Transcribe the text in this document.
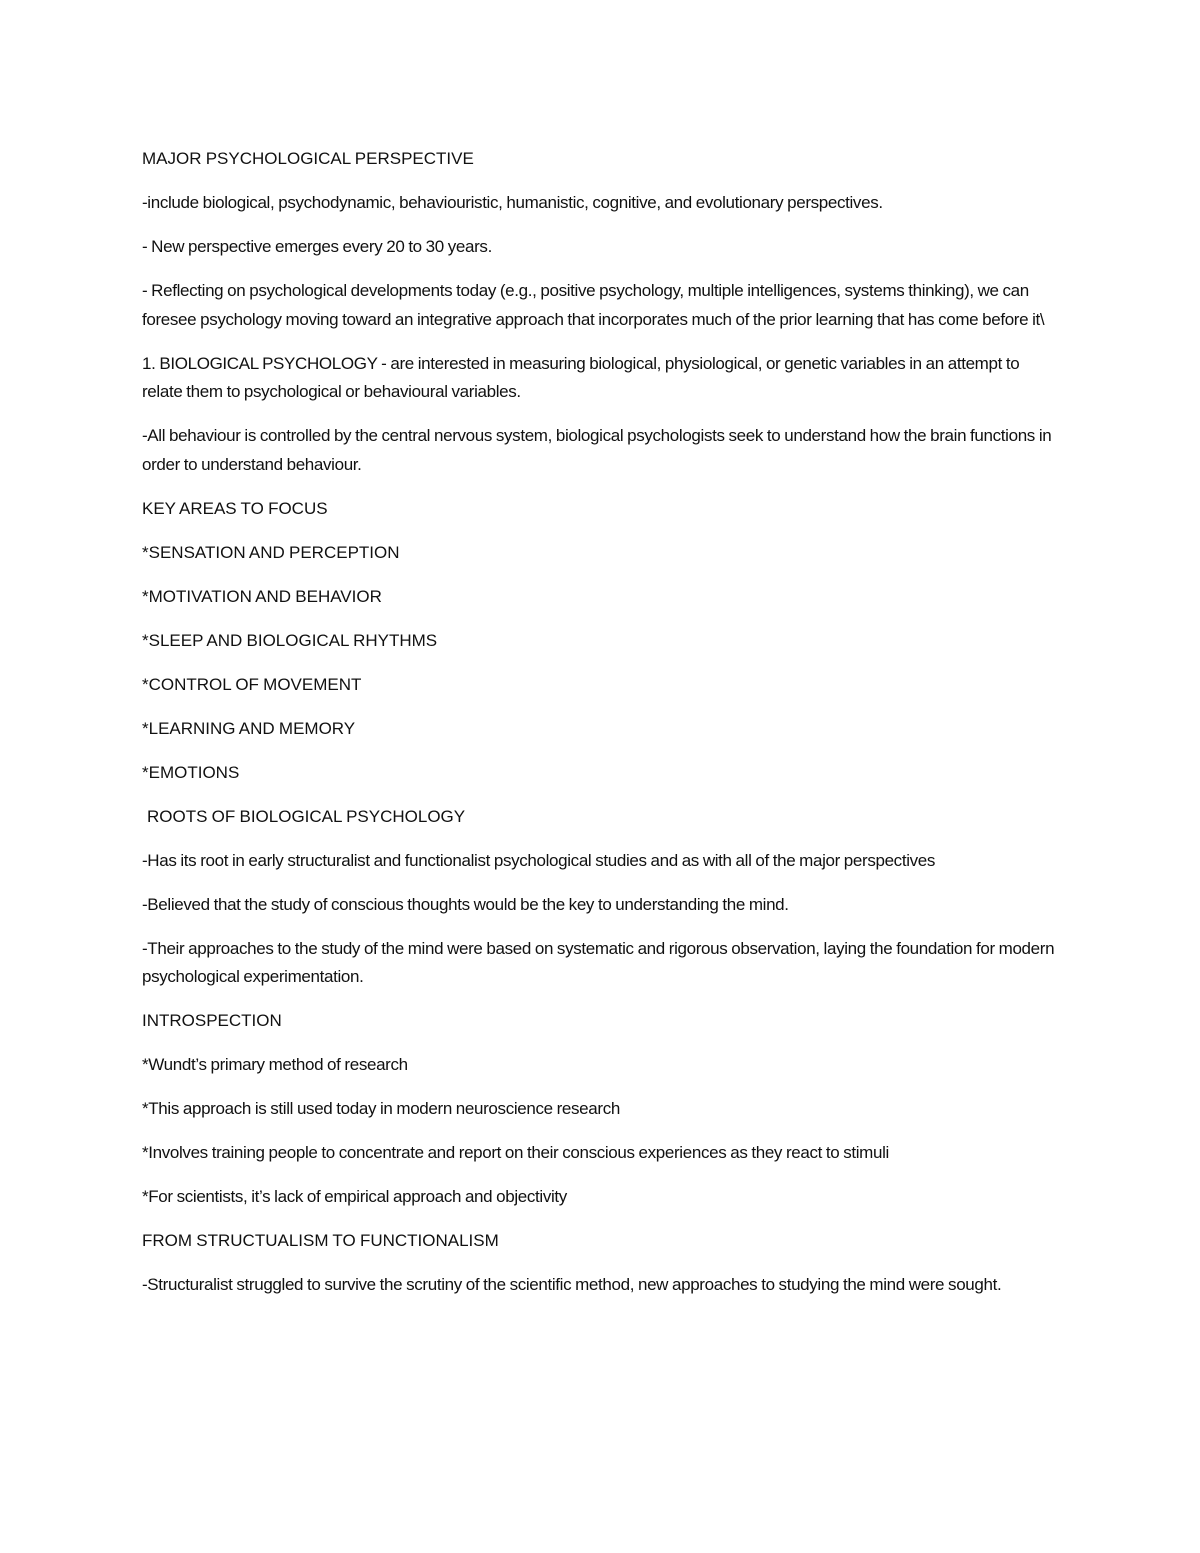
MAJOR PSYCHOLOGICAL PERSPECTIVE

-include biological, psychodynamic, behaviouristic, humanistic, cognitive, and evolutionary perspectives.

- New perspective emerges every 20 to 30 years.

- Reflecting on psychological developments today (e.g., positive psychology, multiple intelligences, systems thinking), we can foresee psychology moving toward an integrative approach that incorporates much of the prior learning that has come before it\

1. BIOLOGICAL PSYCHOLOGY - are interested in measuring biological, physiological, or genetic variables in an attempt to relate them to psychological or behavioural variables.

-All behaviour is controlled by the central nervous system, biological psychologists seek to understand how the brain functions in order to understand behaviour.

KEY AREAS TO FOCUS

*SENSATION AND PERCEPTION

*MOTIVATION AND BEHAVIOR

*SLEEP AND BIOLOGICAL RHYTHMS

*CONTROL OF MOVEMENT

*LEARNING AND MEMORY

*EMOTIONS

ROOTS OF BIOLOGICAL PSYCHOLOGY

-Has its root in early structuralist and functionalist psychological studies and as with all of the major perspectives

-Believed that the study of conscious thoughts would be the key to understanding the mind.

-Their approaches to the study of the mind were based on systematic and rigorous observation, laying the foundation for modern psychological experimentation.

INTROSPECTION

*Wundt’s primary method of research

*This approach is still used today in modern neuroscience research

*Involves training people to concentrate and report on their conscious experiences as they react to stimuli

*For scientists, it’s lack of empirical approach and objectivity

FROM STRUCTUALISM TO FUNCTIONALISM

-Structuralist struggled to survive the scrutiny of the scientific method, new approaches to studying the mind were sought.
